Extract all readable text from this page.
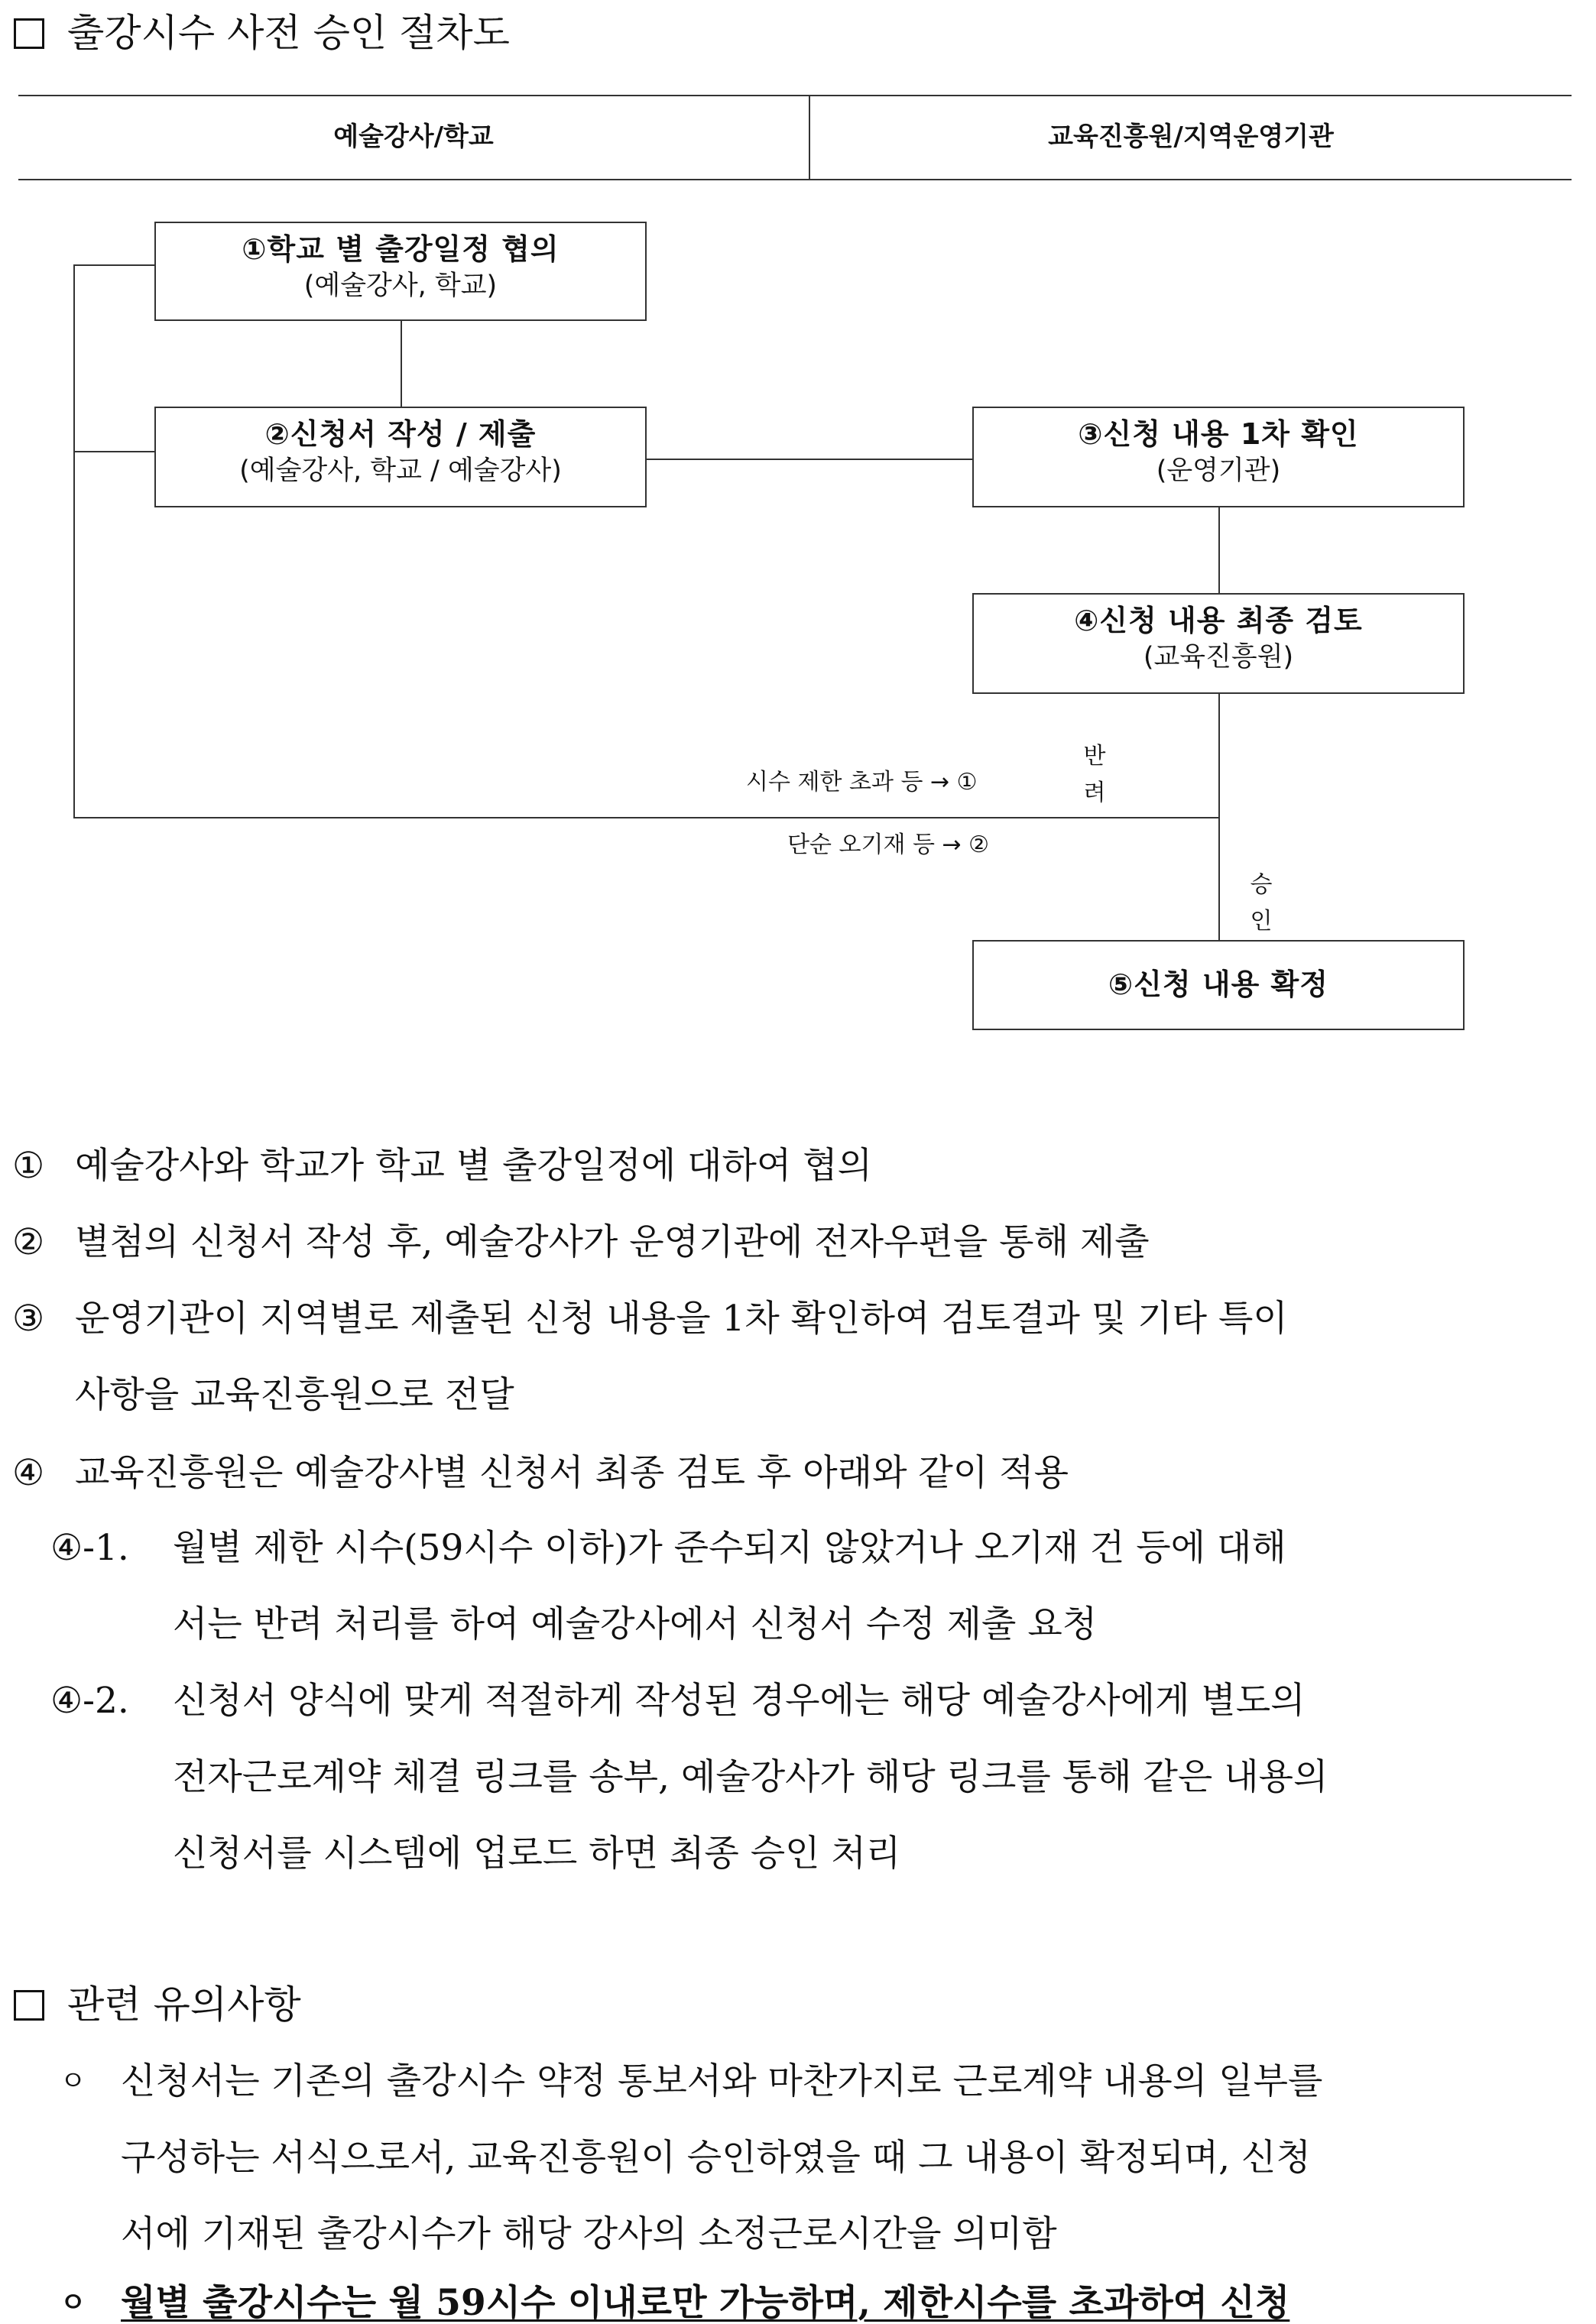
출강시수 사전 승인 절차도
예술강사/학교	교육진흥원/지역운영기관
①학교 별 출강일정 협의
(예술강사, 학교)
②신청서 작성 / 제출
(예술강사, 학교 / 예술강사)
③신청 내용 1차 확인
(운영기관)
④신청 내용 최종 검토
(교육진흥원)
⑤신청 내용 확정
시수 제한 초과 등 → ①
단순 오기재 등 → ②
반
려
승
인
① 예술강사와 학교가 학교 별 출강일정에 대하여 협의
② 별첨의 신청서 작성 후, 예술강사가 운영기관에 전자우편을 통해 제출
③ 운영기관이 지역별로 제출된 신청 내용을 1차 확인하여 검토결과 및 기타 특이
사항을 교육진흥원으로 전달
④ 교육진흥원은 예술강사별 신청서 최종 검토 후 아래와 같이 적용
④-1. 월별 제한 시수(59시수 이하)가 준수되지 않았거나 오기재 건 등에 대해
서는 반려 처리를 하여 예술강사에서 신청서 수정 제출 요청
④-2. 신청서 양식에 맞게 적절하게 작성된 경우에는 해당 예술강사에게 별도의
전자근로계약 체결 링크를 송부, 예술강사가 해당 링크를 통해 같은 내용의
신청서를 시스템에 업로드 하면 최종 승인 처리
관련 유의사항
ㅇ 신청서는 기존의 출강시수 약정 통보서와 마찬가지로 근로계약 내용의 일부를
구성하는 서식으로서, 교육진흥원이 승인하였을 때 그 내용이 확정되며, 신청
서에 기재된 출강시수가 해당 강사의 소정근로시간을 의미함
ㅇ 월별 출강시수는 월 59시수 이내로만 가능하며, 제한시수를 초과하여 신청
